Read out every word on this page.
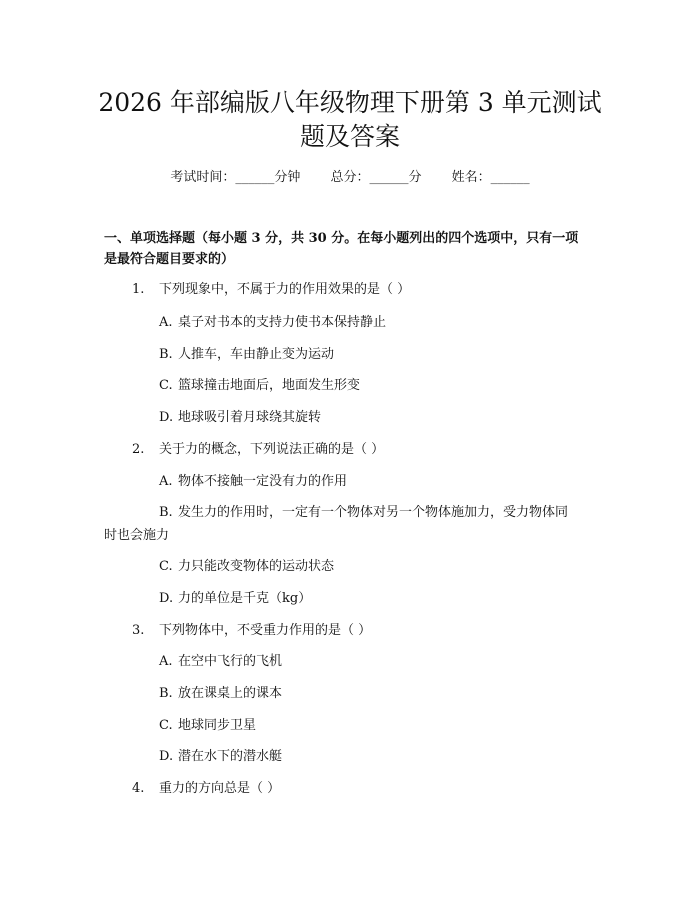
2026 年部编版八年级物理下册第 3 单元测试
题及答案
考试时间：______分钟 总分：______分 姓名：______

一、单项选择题（每小题 3 分，共 30 分。在每小题列出的四个选项中，只有一项
是最符合题目要求的）

1. 下列现象中，不属于力的作用效果的是（ ）
A. 桌子对书本的支持力使书本保持静止
B. 人推车，车由静止变为运动
C. 篮球撞击地面后，地面发生形变
D. 地球吸引着月球绕其旋转
2. 关于力的概念，下列说法正确的是（ ）
A. 物体不接触一定没有力的作用
B. 发生力的作用时，一定有一个物体对另一个物体施加力，受力物体同
时也会施力
C. 力只能改变物体的运动状态
D. 力的单位是千克（kg）
3. 下列物体中，不受重力作用的是（ ）
A. 在空中飞行的飞机
B. 放在课桌上的课本
C. 地球同步卫星
D. 潜在水下的潜水艇
4. 重力的方向总是（ ）
